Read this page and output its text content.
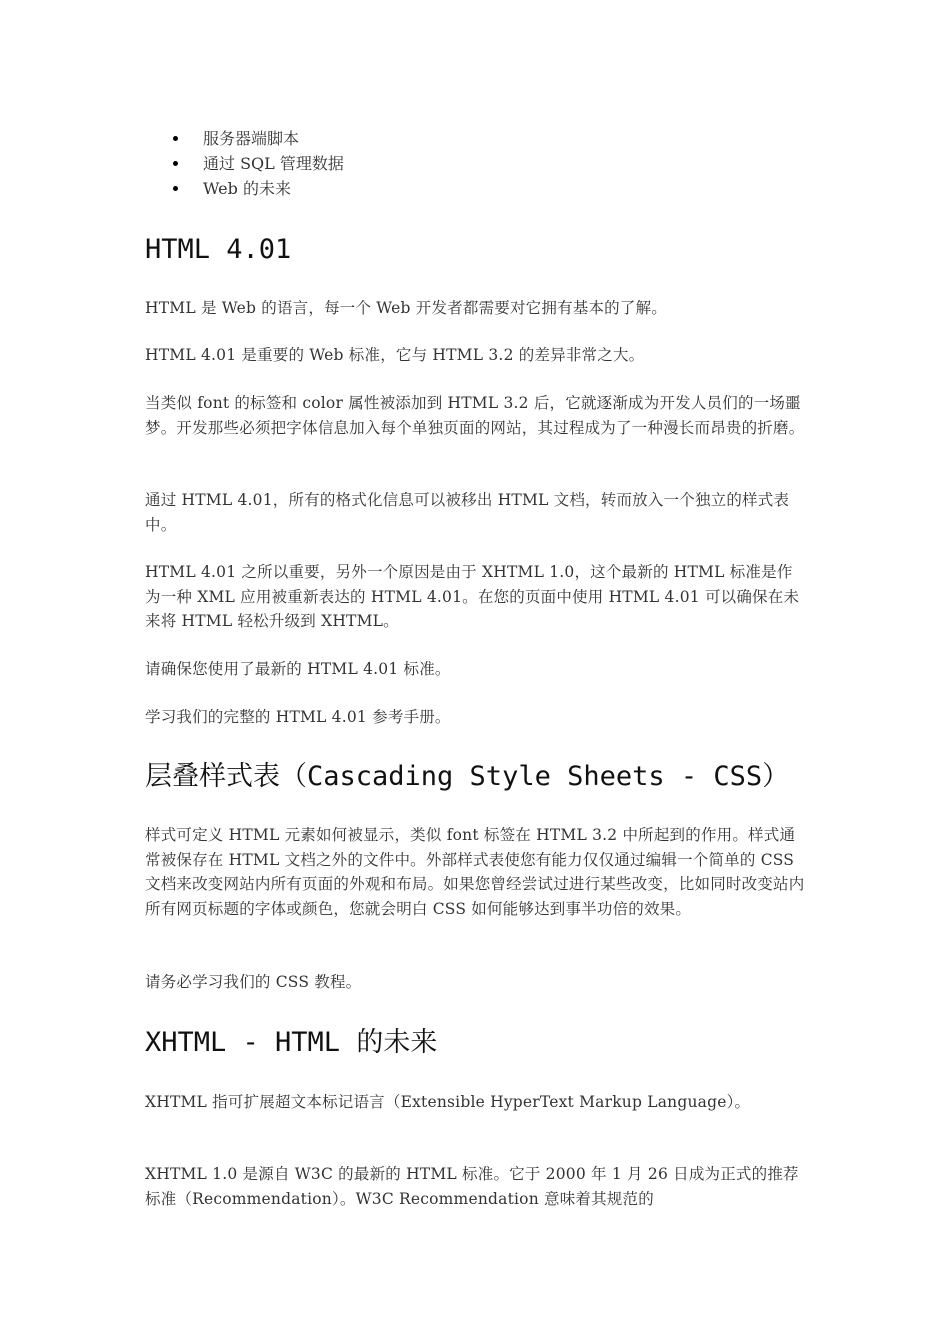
服务器端脚本
通过 SQL 管理数据
Web 的未来
HTML 4.01

HTML 是 Web 的语言，每一个 Web 开发者都需要对它拥有基本的了解。

HTML 4.01 是重要的 Web 标准，它与 HTML 3.2 的差异非常之大。

当类似 font 的标签和 color 属性被添加到 HTML 3.2 后，它就逐渐成为开发人员们的一场噩梦。开发那些必须把字体信息加入每个单独页面的网站，其过程成为了一种漫长而昂贵的折磨。

通过 HTML 4.01，所有的格式化信息可以被移出 HTML 文档，转而放入一个独立的样式表中。

HTML 4.01 之所以重要，另外一个原因是由于 XHTML 1.0，这个最新的 HTML 标准是作为一种 XML 应用被重新表达的 HTML 4.01。在您的页面中使用 HTML 4.01 可以确保在未来将 HTML 轻松升级到 XHTML。

请确保您使用了最新的 HTML 4.01 标准。

学习我们的完整的 HTML 4.01 参考手册。

层叠样式表（Cascading Style Sheets - CSS）

样式可定义 HTML 元素如何被显示，类似 font 标签在 HTML 3.2 中所起到的作用。样式通常被保存在 HTML 文档之外的文件中。外部样式表使您有能力仅仅通过编辑一个简单的 CSS 文档来改变网站内所有页面的外观和布局。如果您曾经尝试过进行某些改变，比如同时改变站内所有网页标题的字体或颜色，您就会明白 CSS 如何能够达到事半功倍的效果。

请务必学习我们的 CSS 教程。

XHTML - HTML 的未来

XHTML 指可扩展超文本标记语言（Extensible HyperText Markup Language）。

XHTML 1.0 是源自 W3C 的最新的 HTML 标准。它于 2000 年 1 月 26 日成为正式的推荐标准（Recommendation）。W3C Recommendation 意味着其规范的
